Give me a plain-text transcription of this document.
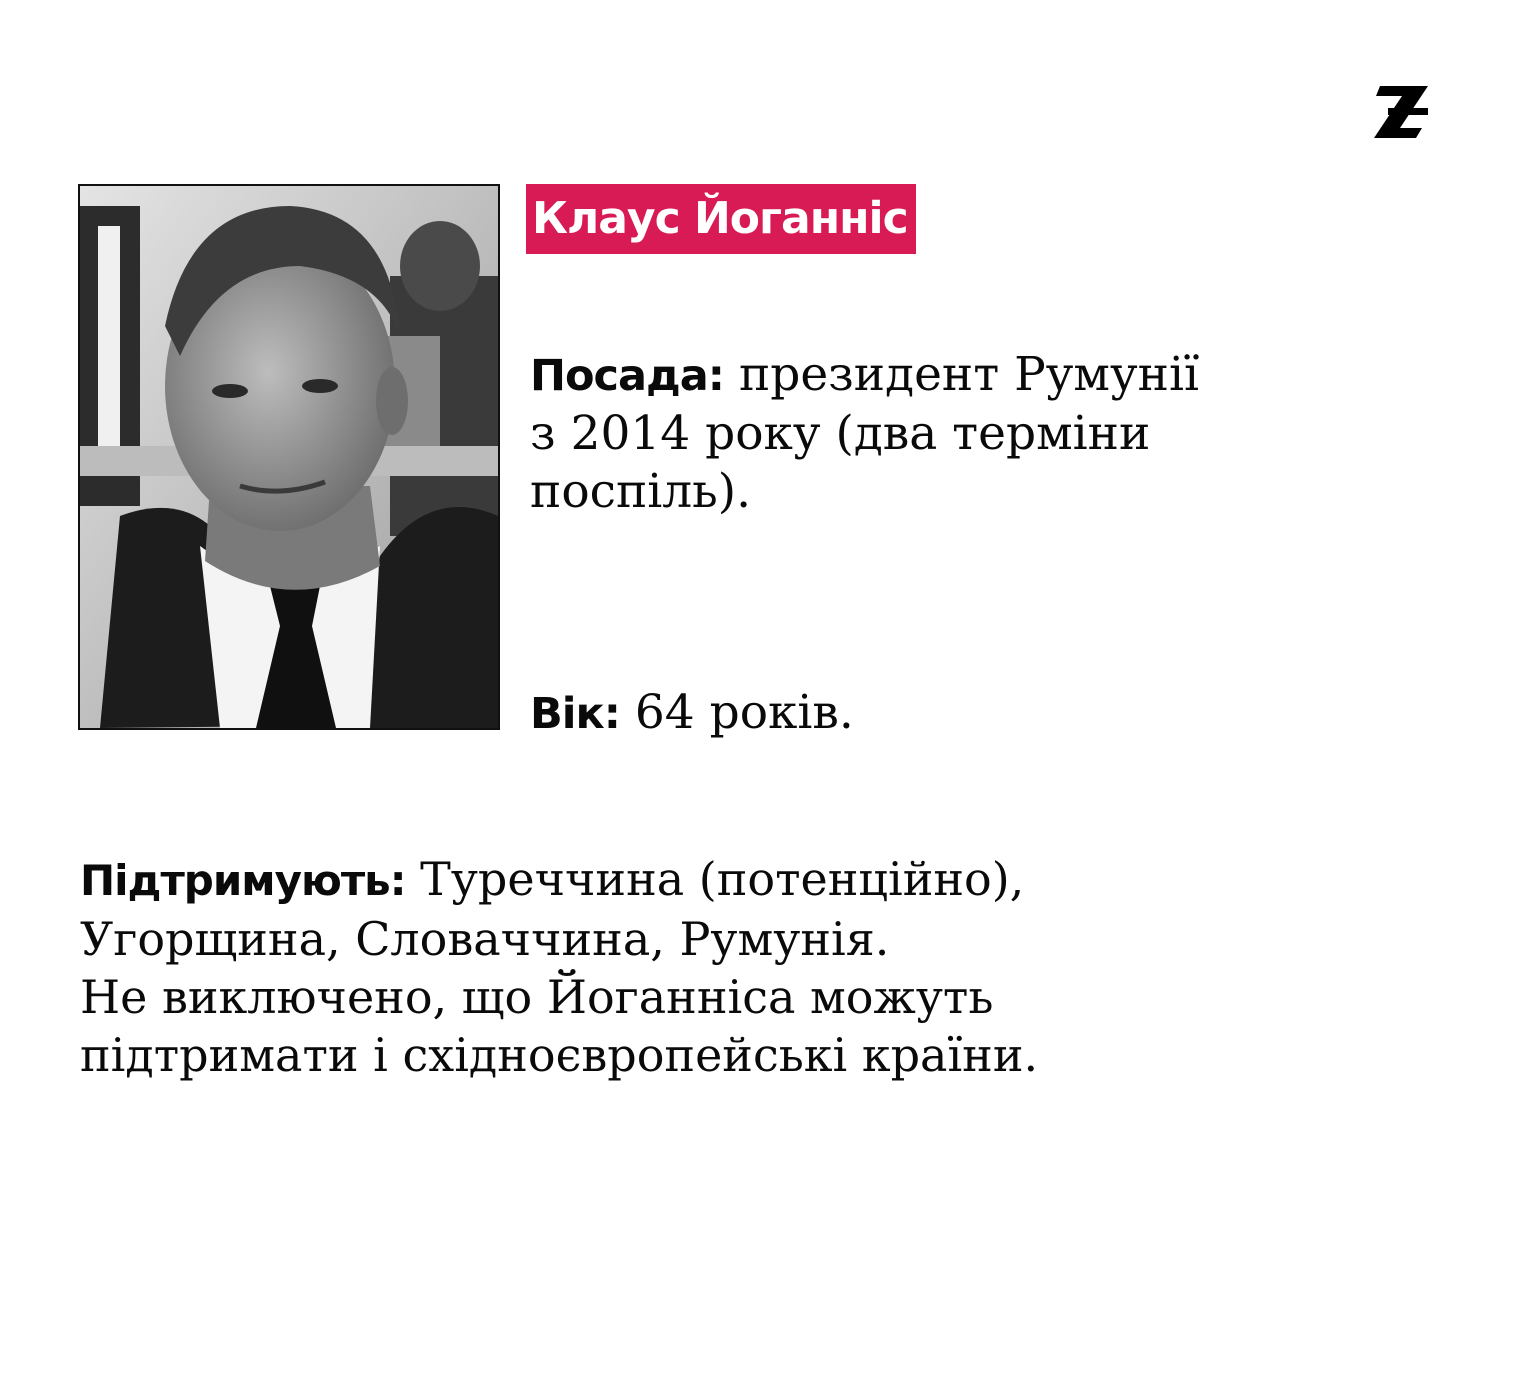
Клаус Йоганніс
Посада: президент Румунії
з 2014 року (два терміни
поспіль).
Вік: 64 років.
Підтримують: Туреччина (потенційно),
Угорщина, Словаччина, Румунія.
Не виключено, що Йоганніса можуть
підтримати і східноєвропейські країни.
